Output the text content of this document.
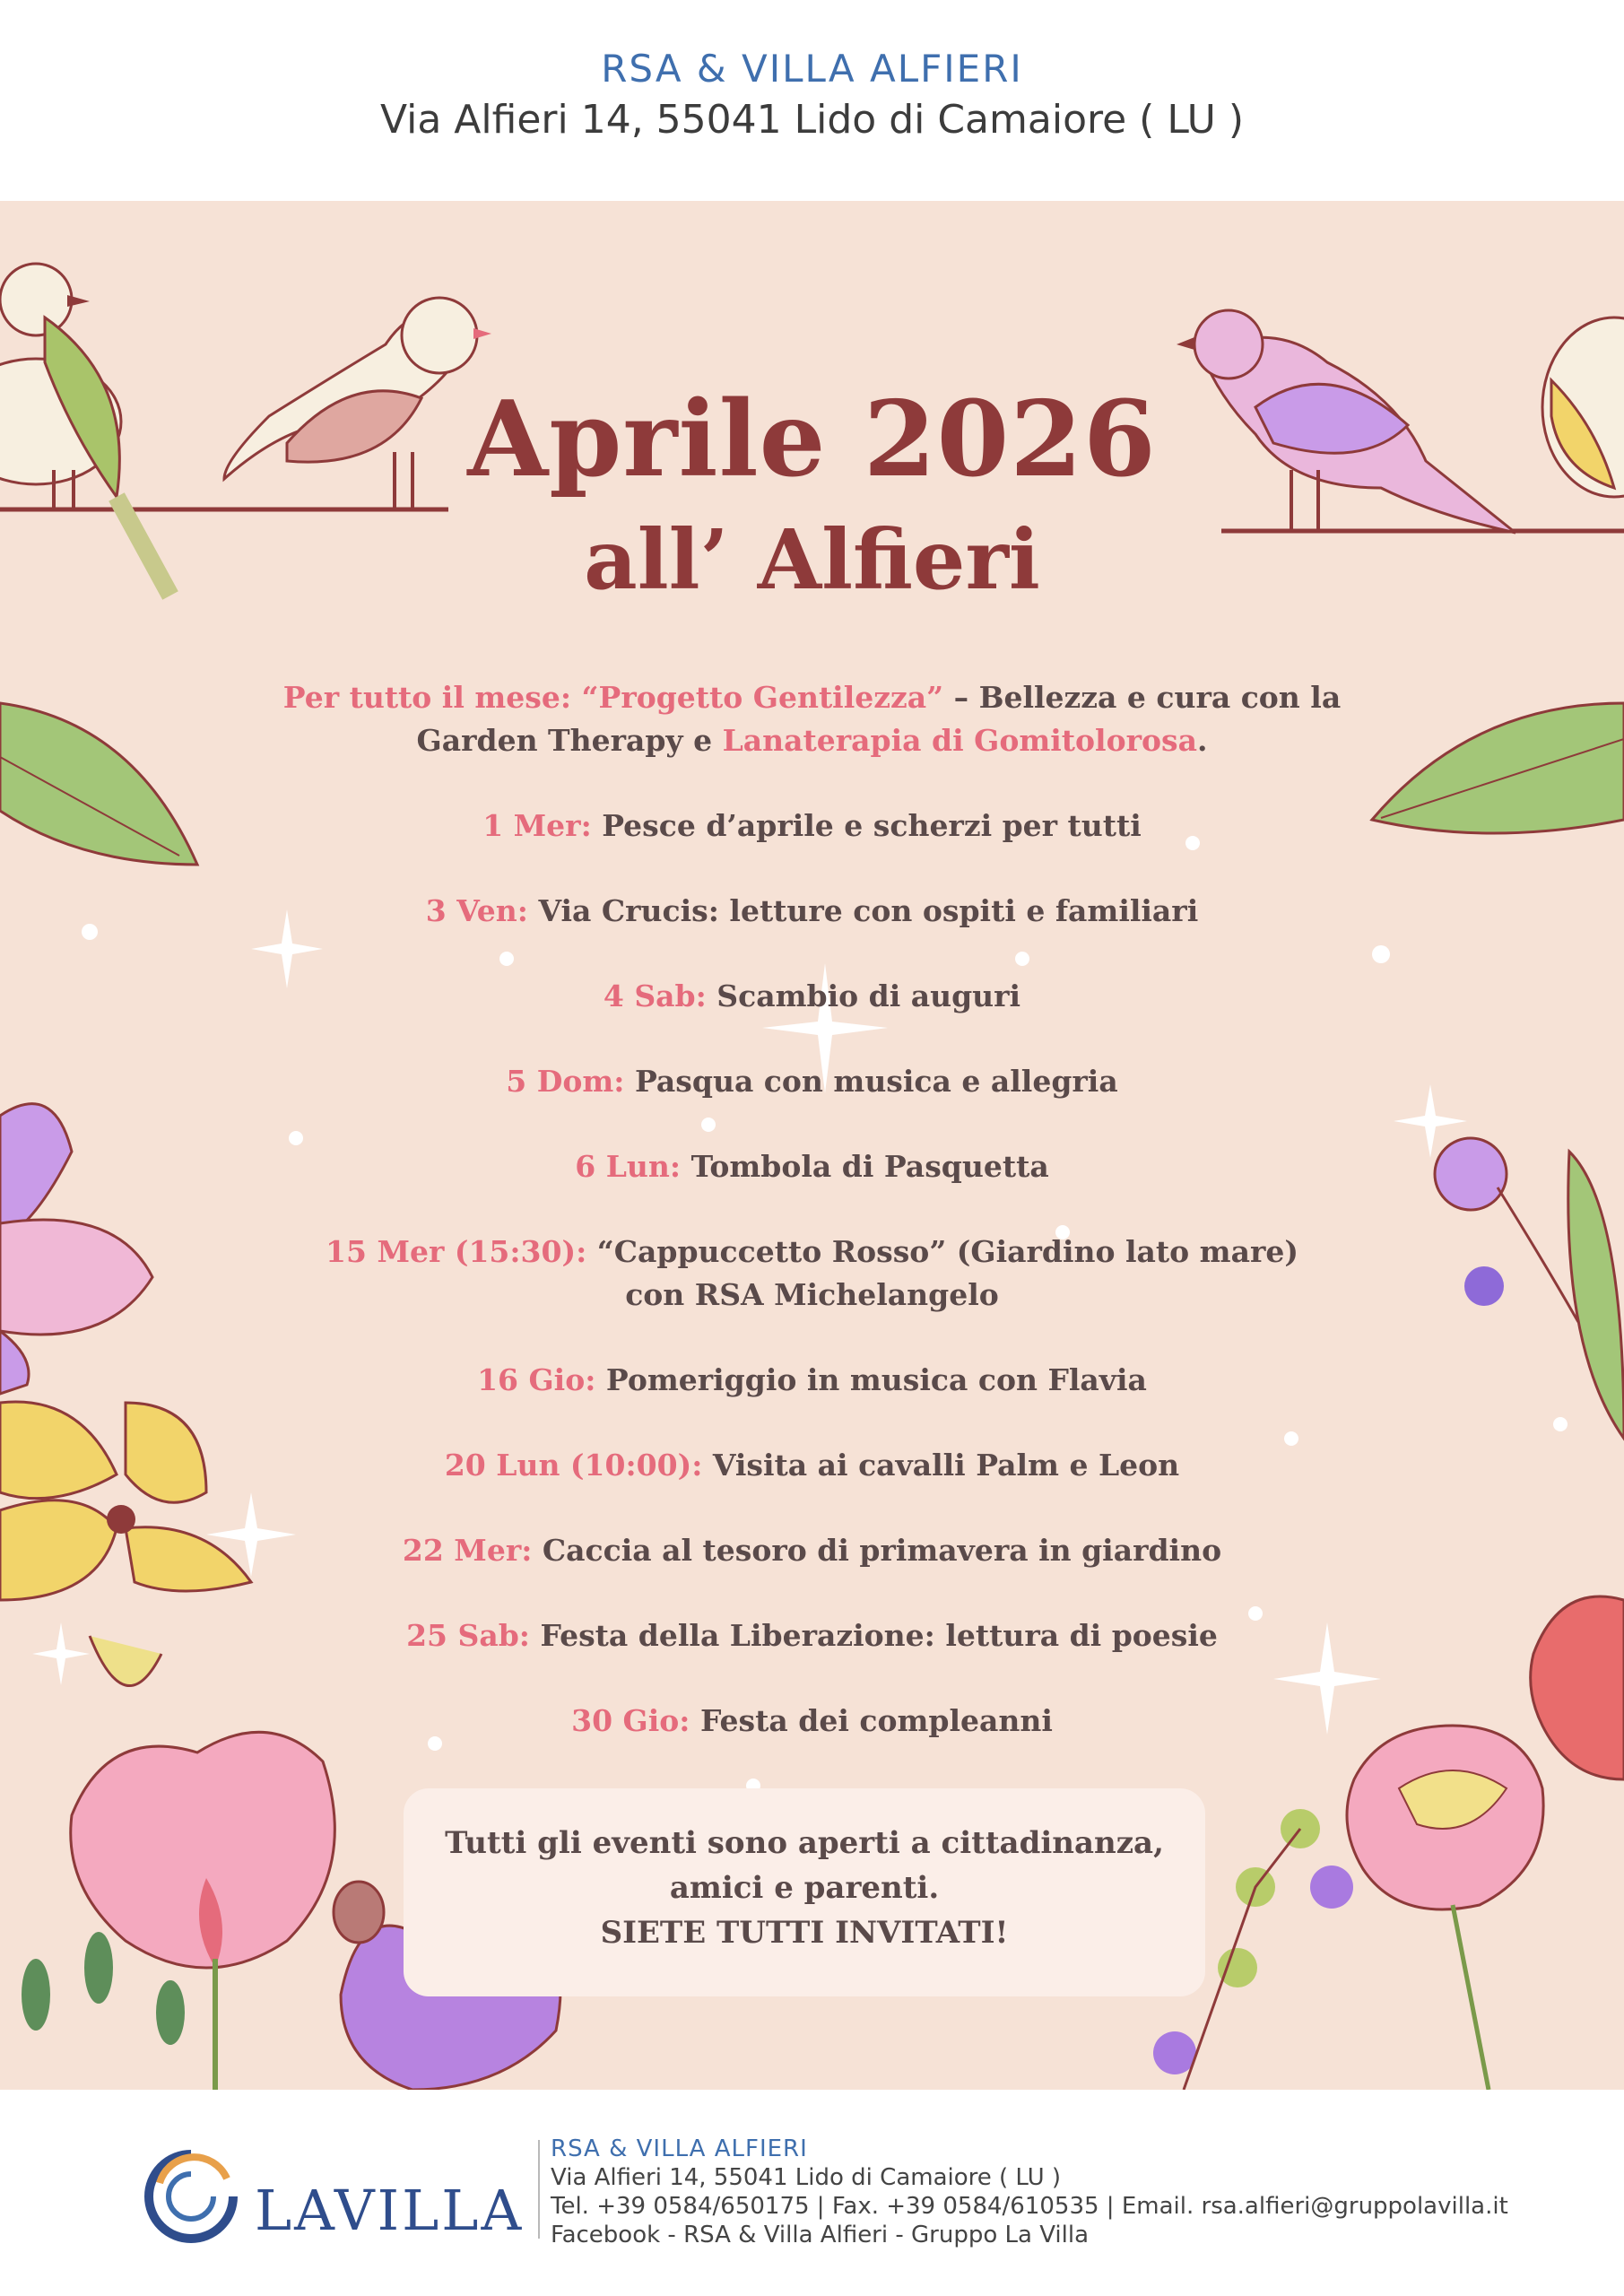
RSA & VILLA ALFIERI
Via Alfieri 14, 55041 Lido di Camaiore ( LU )
Aprile 2026
all’ Alfieri
Per tutto il mese: “Progetto Gentilezza” – Bellezza e cura con la Garden Therapy e Lanaterapia di Gomitolorosa.
1 Mer: Pesce d’aprile e scherzi per tutti
3 Ven: Via Crucis: letture con ospiti e familiari
4 Sab: Scambio di auguri
5 Dom: Pasqua con musica e allegria
6 Lun: Tombola di Pasquetta
15 Mer (15:30): “Cappuccetto Rosso” (Giardino lato mare)
con RSA Michelangelo
16 Gio: Pomeriggio in musica con Flavia
20 Lun (10:00): Visita ai cavalli Palm e Leon
22 Mer: Caccia al tesoro di primavera in giardino
25 Sab: Festa della Liberazione: lettura di poesie
30 Gio: Festa dei compleanni
Tutti gli eventi sono aperti a cittadinanza,
amici e parenti.
SIETE TUTTI INVITATI!
LAVILLA
RSA & VILLA ALFIERI
Via Alfieri 14, 55041 Lido di Camaiore ( LU )
Tel. +39 0584/650175 | Fax. +39 0584/610535 | Email. rsa.alfieri@gruppolavilla.it
Facebook - RSA & Villa Alfieri - Gruppo La Villa
